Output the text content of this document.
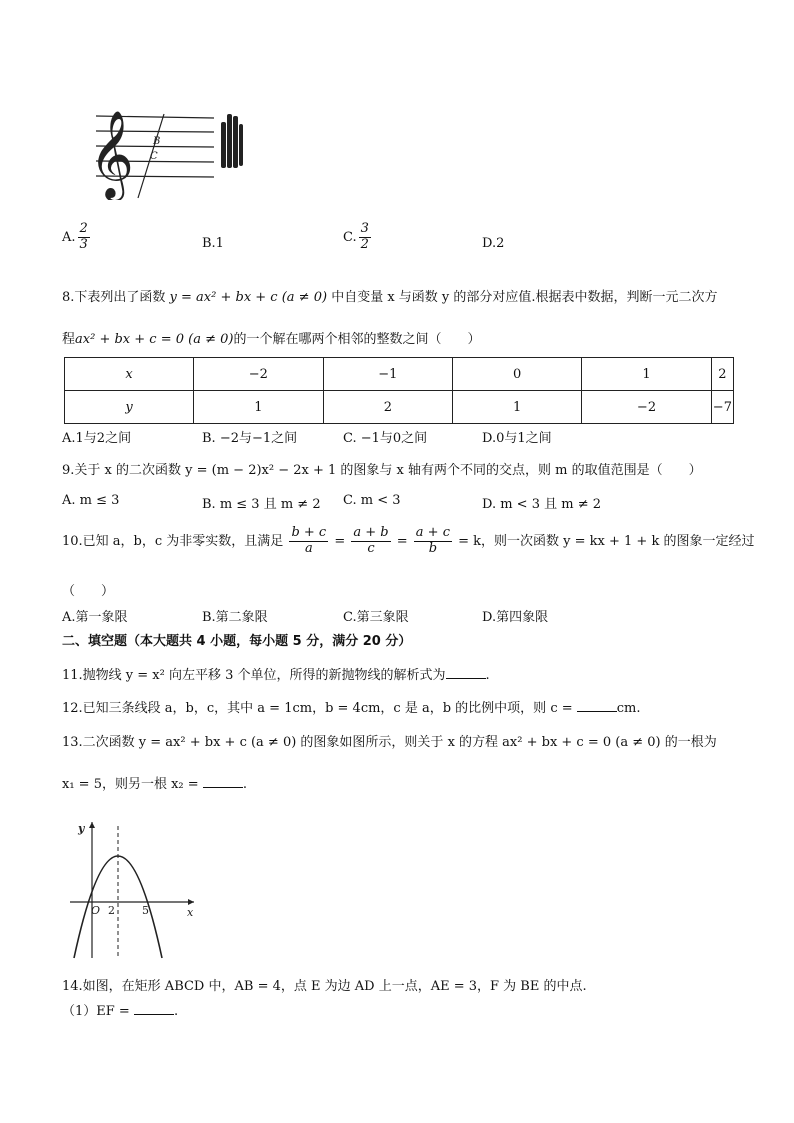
𝄞 B
C
A. $\frac{2}{3}$	B.1	C. $\frac{3}{2}$	D.2
8.下表列出了函数 y = ax² + bx + c (a ≠ 0) 中自变量 x 与函数 y 的部分对应值.根据表中数据，判断一元二次方
程ax² + bx + c = 0 (a ≠ 0)的一个解在哪两个相邻的整数之间（　　）
x	−2	−1	0	1	2
y	1	2	1	−2	−7
A.1与2之间	B. −2与−1之间	C. −1与0之间	D.0与1之间
9.关于 x 的二次函数 y = (m − 2)x² − 2x + 1 的图象与 x 轴有两个不同的交点，则 m 的取值范围是（　　）
A. m ≤ 3	B. m ≤ 3 且 m ≠ 2 C. m < 3	D. m < 3 且 m ≠ 2
10.已知 a，b，c 为非零实数，且满足 $\frac{b + c}{a} = \frac{a + b}{c} = \frac{a + c}{b} = k$，则一次函数 y = kx + 1 + k 的图象一定经过
（　　）
A.第一象限	B.第二象限	C.第三象限	D.第四象限
二、填空题（本大题共 4 小题，每小题 5 分，满分 20 分）
11.抛物线 y = x² 向左平移 3 个单位，所得的新抛物线的解析式为	.
12.已知三条线段 a，b，c，其中 a = 1cm，b = 4cm，c 是 a，b 的比例中项，则 c =	cm.
13.二次函数 y = ax² + bx + c (a ≠ 0) 的图象如图所示，则关于 x 的方程 ax² + bx + c = 0 (a ≠ 0) 的一根为
x₁ = 5，则另一根 x₂ =	.
y
x
O 2 5
14.如图，在矩形 ABCD 中，AB = 4，点 E 为边 AD 上一点，AE = 3，F 为 BE 的中点.
（1）EF =	.
